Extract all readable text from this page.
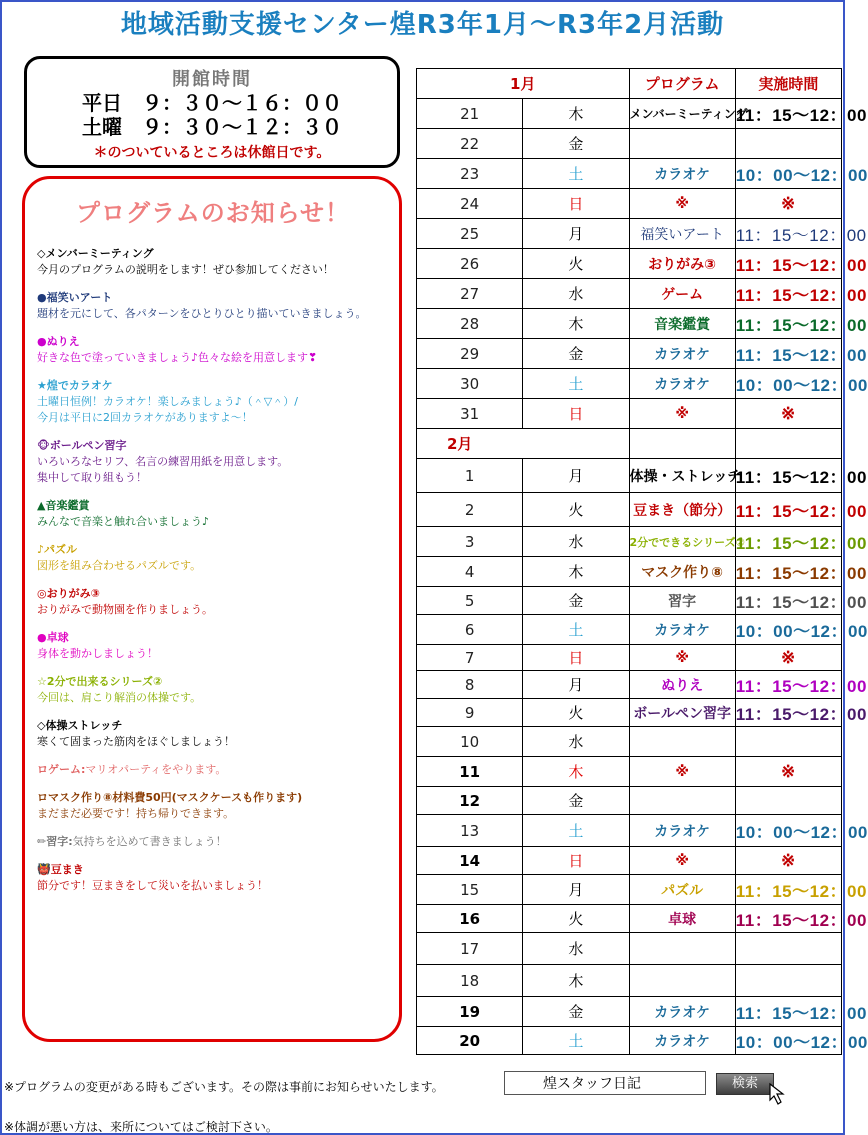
地域活動支援センター煌R3年1月～R3年2月活動
開館時間
平日　９：３０～１６：００
土曜　９：３０～１２：３０
＊のついているところは休館日です。
プログラムのお知らせ！
◇メンバーミーティング
今月のプログラムの説明をします！ぜひ参加してください！
●福笑いアート
題材を元にして、各パターンをひとりひとり描いていきましょう。
●ぬりえ
好きな色で塗っていきましょう♪色々な絵を用意します❣
★煌でカラオケ
土曜日恒例！カラオケ！楽しみましょう♪（＾▽＾）/
今月は平日に2回カラオケがありますよ～！
🐵ボールペン習字
いろいろなセリフ、名言の練習用紙を用意します。
集中して取り組もう！
▲音楽鑑賞
みんなで音楽と触れ合いましょう♪
♪パズル
図形を組み合わせるパズルです。
◎おりがみ③
おりがみで動物園を作りましょう。
●卓球
身体を動かしましょう！
☆2分で出来るシリーズ②
今回は、肩こり解消の体操です。
◇体操ストレッチ
寒くて固まった筋肉をほぐしましょう！
ロゲーム:マリオパーティをやります。
ロマスク作り⑧材料費50円(マスクケースも作ります)
まだまだ必要です！持ち帰りできます。
✏習字:気持ちを込めて書きましょう！
👹豆まき
節分です！豆まきをして災いを払いましょう！
1月		プログラム	実施時間
21	木	メンバーミーティング	11：15～12：00
22	金		
23	土	カラオケ	10：00～12：00
24	日	※	※
25	月	福笑いアート	11：15～12：00
26	火	おりがみ③	11：15～12：00
27	水	ゲーム	11：15～12：00
28	木	音楽鑑賞	11：15～12：00
29	金	カラオケ	11：15～12：00
30	土	カラオケ	10：00～12：00
31	日	※	※
2月			
1	月	体操・ストレッチ	11：15～12：00
2	火	豆まき（節分）	11：15～12：00
3	水	2分でできるシリーズ②	11：15～12：00
4	木	マスク作り⑧	11：15～12：00
5	金	習字	11：15～12：00
6	土	カラオケ	10：00～12：00
7	日	※	※
8	月	ぬりえ	11：15～12：00
9	火	ボールペン習字	11：15～12：00
10	水		
11	木	※	※
12	金		
13	土	カラオケ	10：00～12：00
14	日	※	※
15	月	パズル	11：15～12：00
16	火	卓球	11：15～12：00
17	水		
18	木		
19	金	カラオケ	11：15～12：00
20	土	カラオケ	10：00～12：00
※プログラムの変更がある時もございます。その際は事前にお知らせいたします。
※体調が悪い方は、来所についてはご検討下さい。
煌スタッフ日記
検索
